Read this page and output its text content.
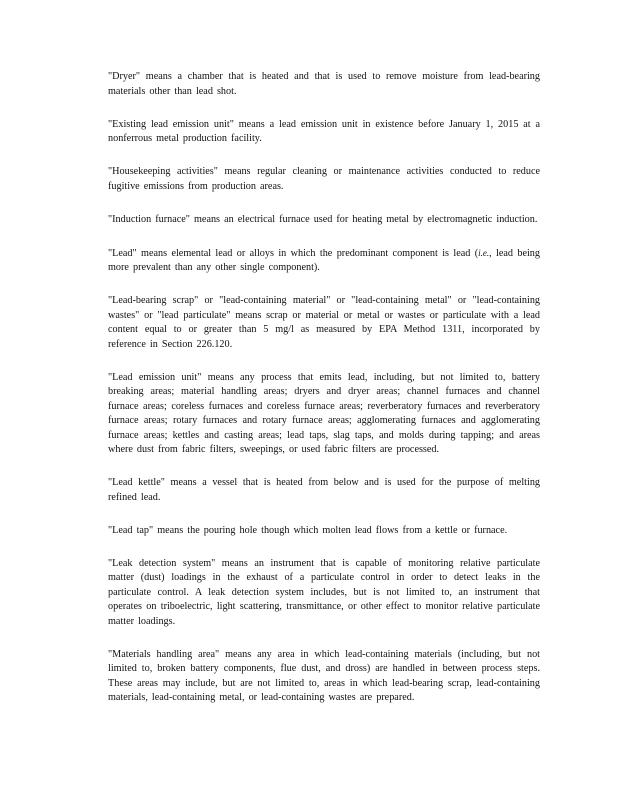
"Dryer" means a chamber that is heated and that is used to remove moisture from lead-bearing materials other than lead shot.

"Existing lead emission unit" means a lead emission unit in existence before January 1, 2015 at a nonferrous metal production facility.

"Housekeeping activities" means regular cleaning or maintenance activities conducted to reduce fugitive emissions from production areas.

"Induction furnace" means an electrical furnace used for heating metal by electromagnetic induction.

"Lead" means elemental lead or alloys in which the predominant component is lead (i.e., lead being more prevalent than any other single component).

"Lead-bearing scrap" or "lead-containing material" or "lead-containing metal" or "lead-containing wastes" or "lead particulate" means scrap or material or metal or wastes or particulate with a lead content equal to or greater than 5 mg/l as measured by EPA Method 1311, incorporated by reference in Section 226.120.

"Lead emission unit" means any process that emits lead, including, but not limited to, battery breaking areas; material handling areas; dryers and dryer areas; channel furnaces and channel furnace areas; coreless furnaces and coreless furnace areas; reverberatory furnaces and reverberatory furnace areas; rotary furnaces and rotary furnace areas; agglomerating furnaces and agglomerating furnace areas; kettles and casting areas; lead taps, slag taps, and molds during tapping; and areas where dust from fabric filters, sweepings, or used fabric filters are processed.

"Lead kettle" means a vessel that is heated from below and is used for the purpose of melting refined lead.

"Lead tap" means the pouring hole though which molten lead flows from a kettle or furnace.

"Leak detection system" means an instrument that is capable of monitoring relative particulate matter (dust) loadings in the exhaust of a particulate control in order to detect leaks in the particulate control. A leak detection system includes, but is not limited to, an instrument that operates on triboelectric, light scattering, transmittance, or other effect to monitor relative particulate matter loadings.

"Materials handling area" means any area in which lead-containing materials (including, but not limited to, broken battery components, flue dust, and dross) are handled in between process steps. These areas may include, but are not limited to, areas in which lead-bearing scrap, lead-containing materials, lead-containing metal, or lead-containing wastes are prepared.
